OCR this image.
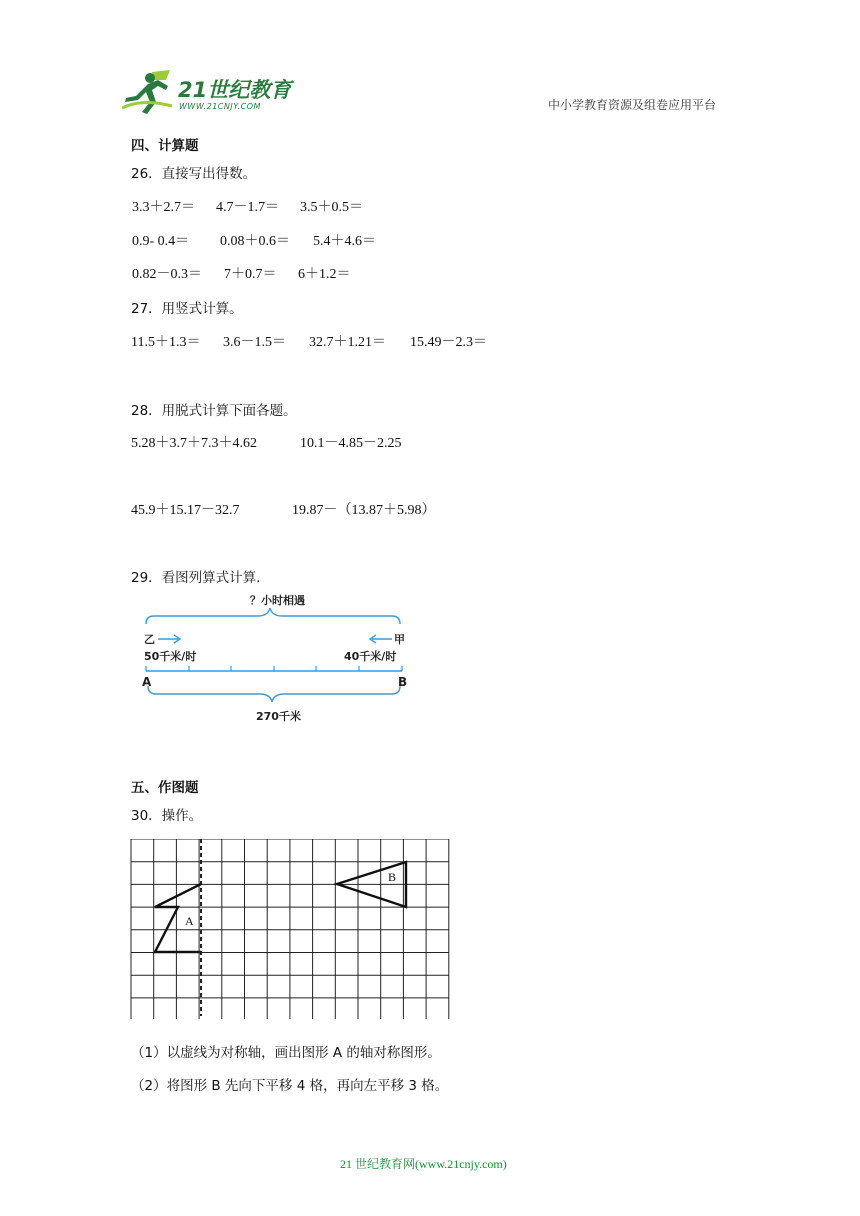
21世纪教育
WWW.21CNJY.COM	中小学教育资源及组卷应用平台
四、计算题
26．直接写出得数。
3.3＋2.7＝ 4.7－1.7＝ 3.5＋0.5＝
0.9- 0.4＝ 0.08＋0.6＝ 5.4＋4.6＝
0.82－0.3＝ 7＋0.7＝ 6＋1.2＝
27．用竖式计算。
11.5＋1.3＝ 3.6－1.5＝ 32.7＋1.21＝ 15.49－2.3＝
28．用脱式计算下面各题。
5.28＋3.7＋7.3＋4.62	10.1－4.85－2.25
45.9＋15.17－32.7	19.87－（13.87＋5.98）
29．看图列算式计算.
？小时相遇
乙
50千米/时
甲
40千米/时
A	B
270千米
五、作图题
30．操作。
A
B
（1）以虚线为对称轴，画出图形 A 的轴对称图形。
（2）将图形 B 先向下平移 4 格，再向左平移 3 格。
21 世纪教育网(www.21cnjy.com)
